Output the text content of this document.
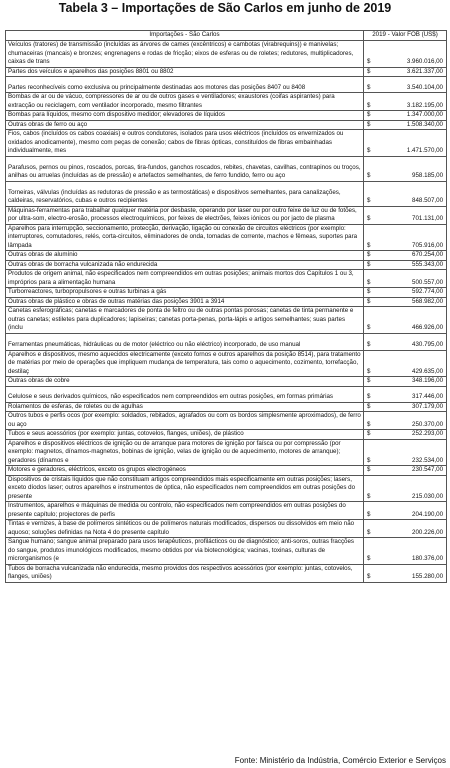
Tabela 3 – Importações de São Carlos em junho de 2019
Importações - São Carlos	2019 - Valor FOB (US$)	
Veículos (tratores) de transmissão (incluídas as árvores de cames (excêntricos) e cambotas (virabrequins)) e manivelas; chumaceiras (mancais) e bronzes; engrenagens e rodas de fricção; eixos de esferas ou de roletes; redutores, multiplicadores, caixas de trans	$	3.960.016,00
Partes dos veículos e aparelhos das posições 8801 ou 8802	$	3.621.337,00
Partes reconhecíveis como exclusiva ou principalmente destinadas aos motores das posições 8407 ou 8408	$	3.540.104,00
Bombas de ar ou de vácuo, compressores de ar ou de outros gases e ventiladores; exaustores (coifas aspirantes) para extracção ou reciclagem, com ventilador incorporado, mesmo filtrantes	$	3.182.195,00
Bombas para líquidos, mesmo com dispositivo medidor; elevadores de líquidos	$	1.347.000,00
Outras obras de ferro ou aço	$	1.508.340,00
Fios, cabos (incluídos os cabos coaxiais) e outros condutores, isolados para usos eléctricos (incluídos os envernizados ou oxidados anodicamente), mesmo com peças de conexão; cabos de fibras ópticas, constituídos de fibras embainhadas individualmente, mes	$	1.471.570,00
Parafusos, pernos ou pinos, roscados, porcas, tira-fundos, ganchos roscados, rebites, chavetas, cavilhas, contrapinos ou troços, anilhas ou arruelas (incluídas as de pressão) e artefactos semelhantes, de ferro fundido, ferro ou aço	$	958.185,00
Torneiras, válvulas (incluídas as redutoras de pressão e as termostáticas) e dispositivos semelhantes, para canalizações, caldeiras, reservatórios, cubas e outros recipientes	$	848.507,00
Máquinas-ferramentas para trabalhar qualquer matéria por desbaste, operando por laser ou por outro feixe de luz ou de fotões, por ultra-som, electro-erosão, processos electroquímicos, por feixes de electrões, feixes iónicos ou por jacto de plasma	$	701.131,00
Aparelhos para interrupção, seccionamento, protecção, derivação, ligação ou conexão de circuitos eléctricos (por exemplo: interruptores, comutadores, relés, corta-circuitos, eliminadores de onda, tomadas de corrente, machos e fêmeas, suportes para lâmpada	$	705.916,00
Outras obras de alumínio	$	670.254,00
Outras obras de borracha vulcanizada não endurecida	$	555.343,00
Produtos de origem animal, não especificados nem compreendidos em outras posições; animais mortos dos Capítulos 1 ou 3, impróprios para a alimentação humana	$	500.557,00
Turborreactores, turbopropulsores e outras turbinas a gás	$	592.774,00
Outras obras de plástico e obras de outras matérias das posições 3901 a 3914	$	568.982,00
Canetas esferográficas; canetas e marcadores de ponta de feltro ou de outras pontas porosas; canetas de tinta permanente e outras canetas; estiletes para duplicadores; lapiseiras; canetas porta-penas, porta-lápis e artigos semelhantes; suas partes (inclu	$	466.926,00
Ferramentas pneumáticas, hidráulicas ou de motor (eléctrico ou não eléctrico) incorporado, de uso manual	$	430.795,00
Aparelhos e dispositivos, mesmo aquecidos electricamente (exceto fornos e outros aparelhos da posição 8514), para tratamento de matérias por meio de operações que impliquem mudança de temperatura, tais como o aquecimento, cozimento, torrefacção, destilaç	$	429.635,00
Outras obras de cobre	$	348.196,00
Celulose e seus derivados químicos, não especificados nem compreendidos em outras posições, em formas primárias	$	317.446,00
Rolamentos de esferas, de roletes ou de agulhas	$	307.179,00
Outros tubos e perfis ocos (por exemplo: soldados, rebitados, agrafados ou com os bordos simplesmente aproximados), de ferro ou aço	$	250.370,00
Tubos e seus acessórios (por exemplo: juntas, cotovelos, flanges, uniões), de plástico	$	252.293,00
Aparelhos e dispositivos eléctricos de ignição ou de arranque para motores de ignição por faísca ou por compressão (por exemplo: magnetos, dínamos-magnetos, bobinas de ignição, velas de ignição ou de aquecimento, motores de arranque); geradores (dínamos e	$	232.534,00
Motores e geradores, eléctricos, exceto os grupos electrogéneos	$	230.547,00
Dispositivos de cristais líquidos que não constituam artigos compreendidos mais especificamente em outras posições; lasers, exceto díodos laser; outros aparelhos e instrumentos de óptica, não especificados nem compreendidos em outras posições do presente	$	215.030,00
Instrumentos, aparelhos e máquinas de medida ou controlo, não especificados nem compreendidos em outras posições do presente capítulo; projectores de perfis	$	204.190,00
Tintas e vernizes, à base de polímeros sintéticos ou de polímeros naturais modificados, dispersos ou dissolvidos em meio não aquoso; soluções definidas na Nota 4 do presente capítulo	$	200.226,00
Sangue humano; sangue animal preparado para usos terapêuticos, profilácticos ou de diagnóstico; anti-soros, outras fracções do sangue, produtos imunológicos modificados, mesmo obtidos por via biotecnológica; vacinas, toxinas, culturas de microrganismos (e	$	180.376,00
Tubos de borracha vulcanizada não endurecida, mesmo providos dos respectivos acessórios (por exemplo: juntas, cotovelos, flanges, uniões)	$	155.280,00
Fonte: Ministério da Indústria, Comércio Exterior e Serviços
